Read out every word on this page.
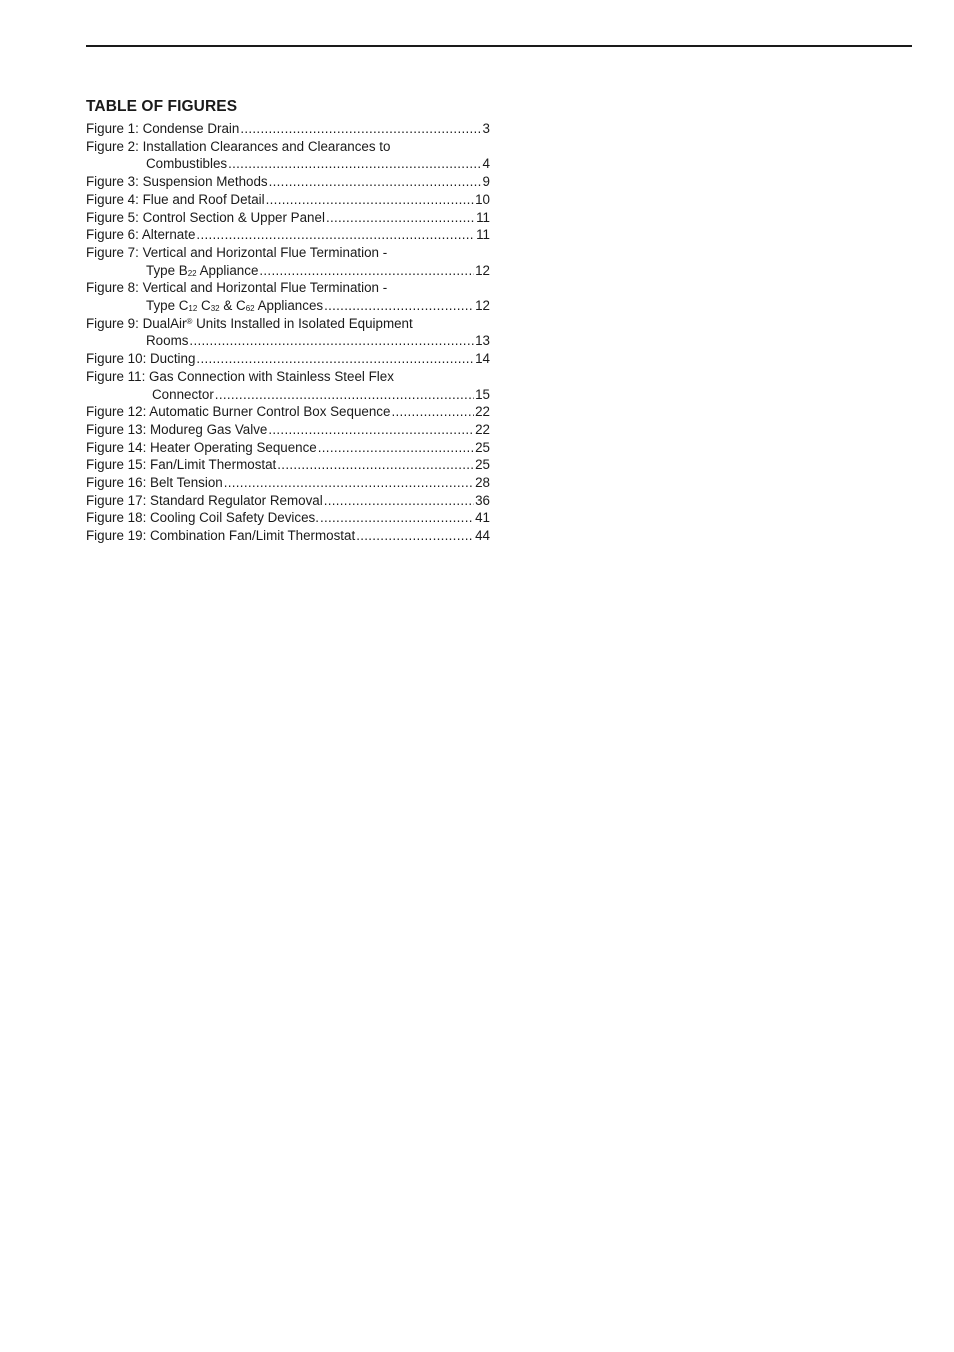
TABLE OF FIGURES
Figure 1: Condense Drain .....	3
Figure 2: Installation Clearances and Clearances to
Combustibles .....	4
Figure 3: Suspension Methods .....	9
Figure 4: Flue and Roof Detail .....	10
Figure 5: Control Section & Upper Panel .....	11
Figure 6: Alternate .....	11
Figure 7: Vertical and Horizontal Flue Termination -
Type $B_{22}$ Appliance .....	12
Figure 8: Vertical and Horizontal Flue Termination -
Type $C_{12}$ $C_{32}$ & $C_{62}$ Appliances .....	12
Figure 9: DualAir® Units Installed in Isolated Equipment
Rooms .....	13
Figure 10: Ducting .....	14
Figure 11: Gas Connection with Stainless Steel Flex
Connector .....	15
Figure 12: Automatic Burner Control Box Sequence .....	22
Figure 13: Modureg Gas Valve .....	22
Figure 14: Heater Operating Sequence .....	25
Figure 15: Fan/Limit Thermostat .....	25
Figure 16: Belt Tension .....	28
Figure 17: Standard Regulator Removal .....	36
Figure 18: Cooling Coil Safety Devices. .....	41
Figure 19: Combination Fan/Limit Thermostat .....	44
